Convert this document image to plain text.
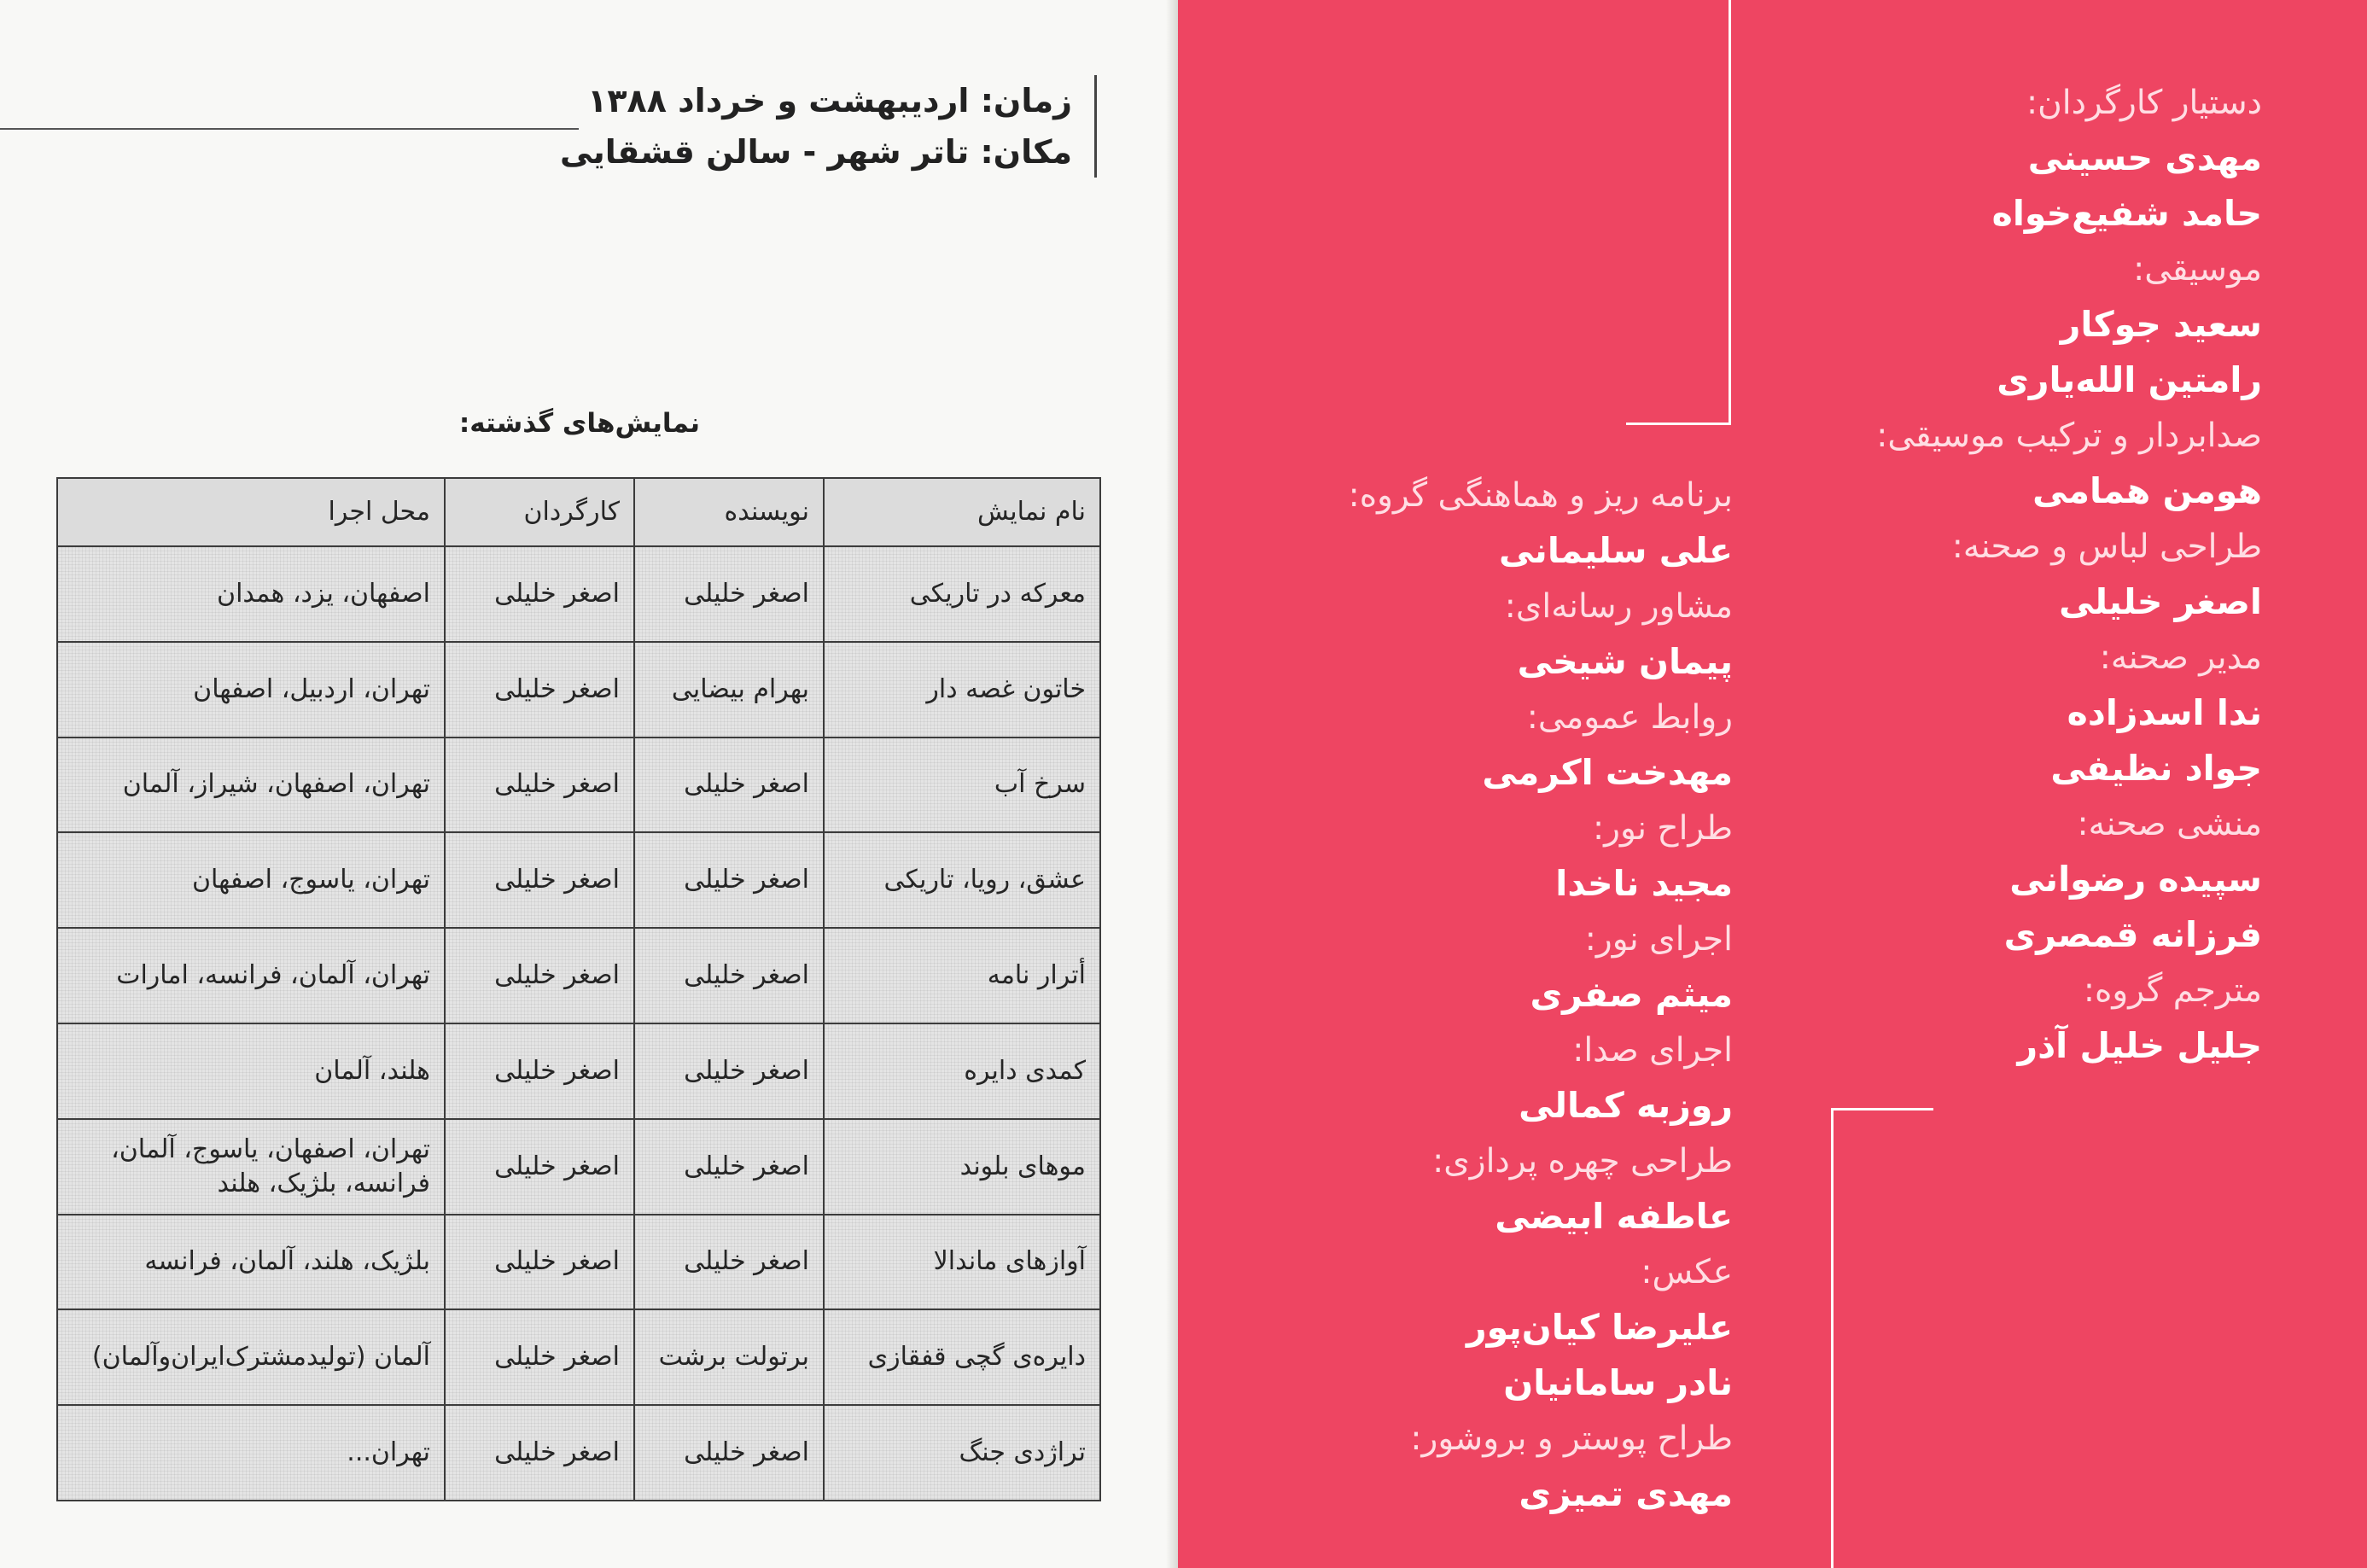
زمان: اردیبهشت و خرداد ۱۳۸۸
مکان: تاتر شهر - سالن قشقایی
نمایش‌های گذشته:
نام نمایش	نویسنده	کارگردان	محل اجرا
معرکه در تاریکی	اصغر خلیلی	اصغر خلیلی	اصفهان، یزد، همدان
خاتون غصه دار	بهرام بیضایی	اصغر خلیلی	تهران، اردبیل، اصفهان
سرخ آب	اصغر خلیلی	اصغر خلیلی	تهران، اصفهان، شیراز، آلمان
عشق، رویا، تاریکی	اصغر خلیلی	اصغر خلیلی	تهران، یاسوج، اصفهان
أترار نامه	اصغر خلیلی	اصغر خلیلی	تهران، آلمان، فرانسه، امارات
کمدی دایره	اصغر خلیلی	اصغر خلیلی	هلند، آلمان
موهای بلوند	اصغر خلیلی	اصغر خلیلی	تهران، اصفهان، یاسوج، آلمان، فرانسه، بلژیک، هلند
آوازهای ماندالا	اصغر خلیلی	اصغر خلیلی	بلژیک، هلند، آلمان، فرانسه
دایره‌ی گچی قفقازی	برتولت برشت	اصغر خلیلی	آلمان (تولیدمشترک‌ایران‌وآلمان)
تراژدی جنگ	اصغر خلیلی	اصغر خلیلی	تهران...
دستیار کارگردان:
مهدی حسینی
حامد شفیع‌خواه
موسیقی:
سعید جوکار
رامتین الله‌یاری
صدابردار و ترکیب موسیقی:
هومن همامی
طراحی لباس و صحنه:
اصغر خلیلی
مدیر صحنه:
ندا اسدزاده
جواد نظیفی
منشی صحنه:
سپیده رضوانی
فرزانه قمصری
مترجم گروه:
جلیل خلیل آذر
برنامه ریز و هماهنگی گروه:
علی سلیمانی
مشاور رسانه‌ای:
پیمان شیخی
روابط عمومی:
مهدخت اکرمی
طراح نور:
مجید ناخدا
اجرای نور:
میثم صفری
اجرای صدا:
روزبه کمالی
طراحی چهره پردازی:
عاطفه ابیضی
عکس:
علیرضا کیان‌پور
نادر سامانیان
طراح پوستر و بروشور:
مهدی تمیزی
